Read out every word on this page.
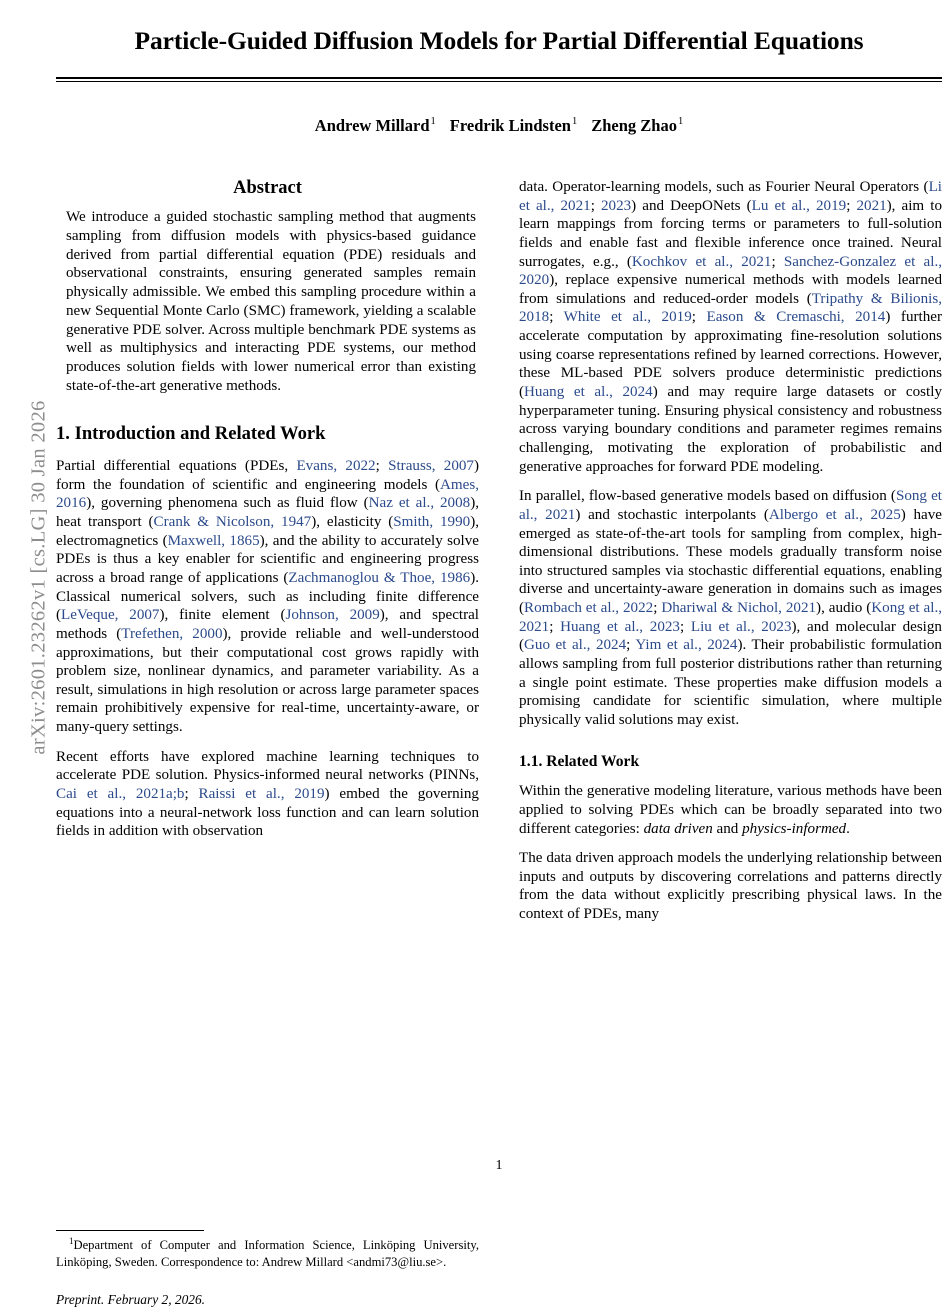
arXiv:2601.23262v1 [cs.LG] 30 Jan 2026
Particle-Guided Diffusion Models for Partial Differential Equations
Andrew Millard$^1$ Fredrik Lindsten$^1$ Zheng Zhao$^1$
Abstract

We introduce a guided stochastic sampling method that augments sampling from diffusion models with physics-based guidance derived from partial differential equation (PDE) residuals and observational constraints, ensuring generated samples remain physically admissible. We embed this sampling procedure within a new Sequential Monte Carlo (SMC) framework, yielding a scalable generative PDE solver. Across multiple benchmark PDE systems as well as multiphysics and interacting PDE systems, our method produces solution fields with lower numerical error than existing state-of-the-art generative methods.

1. Introduction and Related Work

Partial differential equations (PDEs, Evans, 2022; Strauss, 2007) form the foundation of scientific and engineering models (Ames, 2016), governing phenomena such as fluid flow (Naz et al., 2008), heat transport (Crank & Nicolson, 1947), elasticity (Smith, 1990), electromagnetics (Maxwell, 1865), and the ability to accurately solve PDEs is thus a key enabler for scientific and engineering progress across a broad range of applications (Zachmanoglou & Thoe, 1986). Classical numerical solvers, such as including finite difference (LeVeque, 2007), finite element (Johnson, 2009), and spectral methods (Trefethen, 2000), provide reliable and well-understood approximations, but their computational cost grows rapidly with problem size, nonlinear dynamics, and parameter variability. As a result, simulations in high resolution or across large parameter spaces remain prohibitively expensive for real-time, uncertainty-aware, or many-query settings.

Recent efforts have explored machine learning techniques to accelerate PDE solution. Physics-informed neural networks (PINNs, Cai et al., 2021a;b; Raissi et al., 2019) embed the governing equations into a neural-network loss function and can learn solution fields in addition with observation

$^1$Department of Computer and Information Science, Linköping University, Linköping, Sweden. Correspondence to: Andrew Millard <andmi73@liu.se>.

Preprint. February 2, 2026.

data. Operator-learning models, such as Fourier Neural Operators (Li et al., 2021; 2023) and DeepONets (Lu et al., 2019; 2021), aim to learn mappings from forcing terms or parameters to full-solution fields and enable fast and flexible inference once trained. Neural surrogates, e.g., (Kochkov et al., 2021; Sanchez-Gonzalez et al., 2020), replace expensive numerical methods with models learned from simulations and reduced-order models (Tripathy & Bilionis, 2018; White et al., 2019; Eason & Cremaschi, 2014) further accelerate computation by approximating fine-resolution solutions using coarse representations refined by learned corrections. However, these ML-based PDE solvers produce deterministic predictions (Huang et al., 2024) and may require large datasets or costly hyperparameter tuning. Ensuring physical consistency and robustness across varying boundary conditions and parameter regimes remains challenging, motivating the exploration of probabilistic and generative approaches for forward PDE modeling.

In parallel, flow-based generative models based on diffusion (Song et al., 2021) and stochastic interpolants (Albergo et al., 2025) have emerged as state-of-the-art tools for sampling from complex, high-dimensional distributions. These models gradually transform noise into structured samples via stochastic differential equations, enabling diverse and uncertainty-aware generation in domains such as images (Rombach et al., 2022; Dhariwal & Nichol, 2021), audio (Kong et al., 2021; Huang et al., 2023; Liu et al., 2023), and molecular design (Guo et al., 2024; Yim et al., 2024). Their probabilistic formulation allows sampling from full posterior distributions rather than returning a single point estimate. These properties make diffusion models a promising candidate for scientific simulation, where multiple physically valid solutions may exist.

1.1. Related Work

Within the generative modeling literature, various methods have been applied to solving PDEs which can be broadly separated into two different categories: data driven and physics-informed.

The data driven approach models the underlying relationship between inputs and outputs by discovering correlations and patterns directly from the data without explicitly prescribing physical laws. In the context of PDEs, many

1
